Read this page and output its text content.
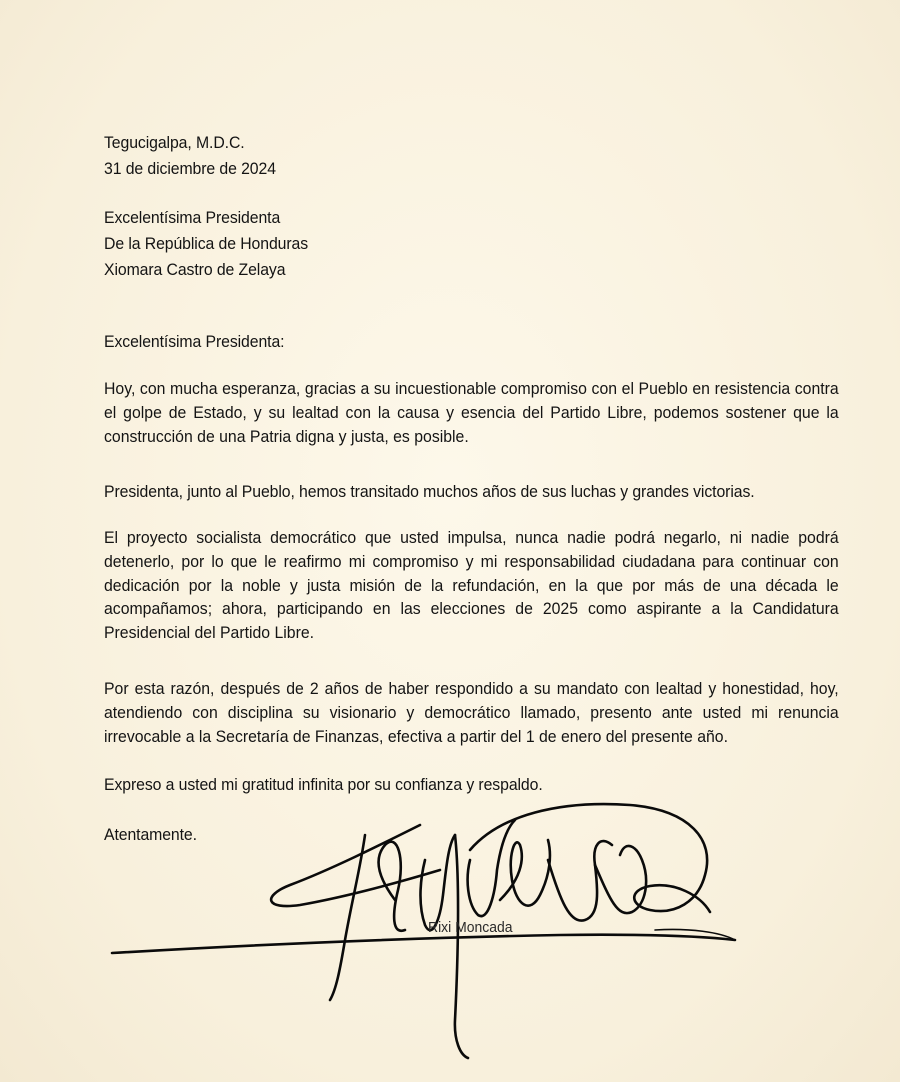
Tegucigalpa, M.D.C.
31 de diciembre de 2024
Excelentísima Presidenta
De la República de Honduras
Xiomara Castro de Zelaya
Excelentísima Presidenta:
Hoy, con mucha esperanza, gracias a su incuestionable compromiso con el Pueblo en resistencia contra el golpe de Estado, y su lealtad con la causa y esencia del Partido Libre, podemos sostener que la construcción de una Patria digna y justa, es posible.
Presidenta, junto al Pueblo, hemos transitado muchos años de sus luchas y grandes victorias.
El proyecto socialista democrático que usted impulsa, nunca nadie podrá negarlo, ni nadie podrá detenerlo, por lo que le reafirmo mi compromiso y mi responsabilidad ciudadana para continuar con dedicación por la noble y justa misión de la refundación, en la que por más de una década le acompañamos; ahora, participando en las elecciones de 2025 como aspirante a la Candidatura Presidencial del Partido Libre.
Por esta razón, después de 2 años de haber respondido a su mandato con lealtad y honestidad, hoy, atendiendo con disciplina su visionario y democrático llamado, presento ante usted mi renuncia irrevocable a la Secretaría de Finanzas, efectiva a partir del 1 de enero del presente año.
Expreso a usted mi gratitud infinita por su confianza y respaldo.
Atentamente.
Rixi Moncada
